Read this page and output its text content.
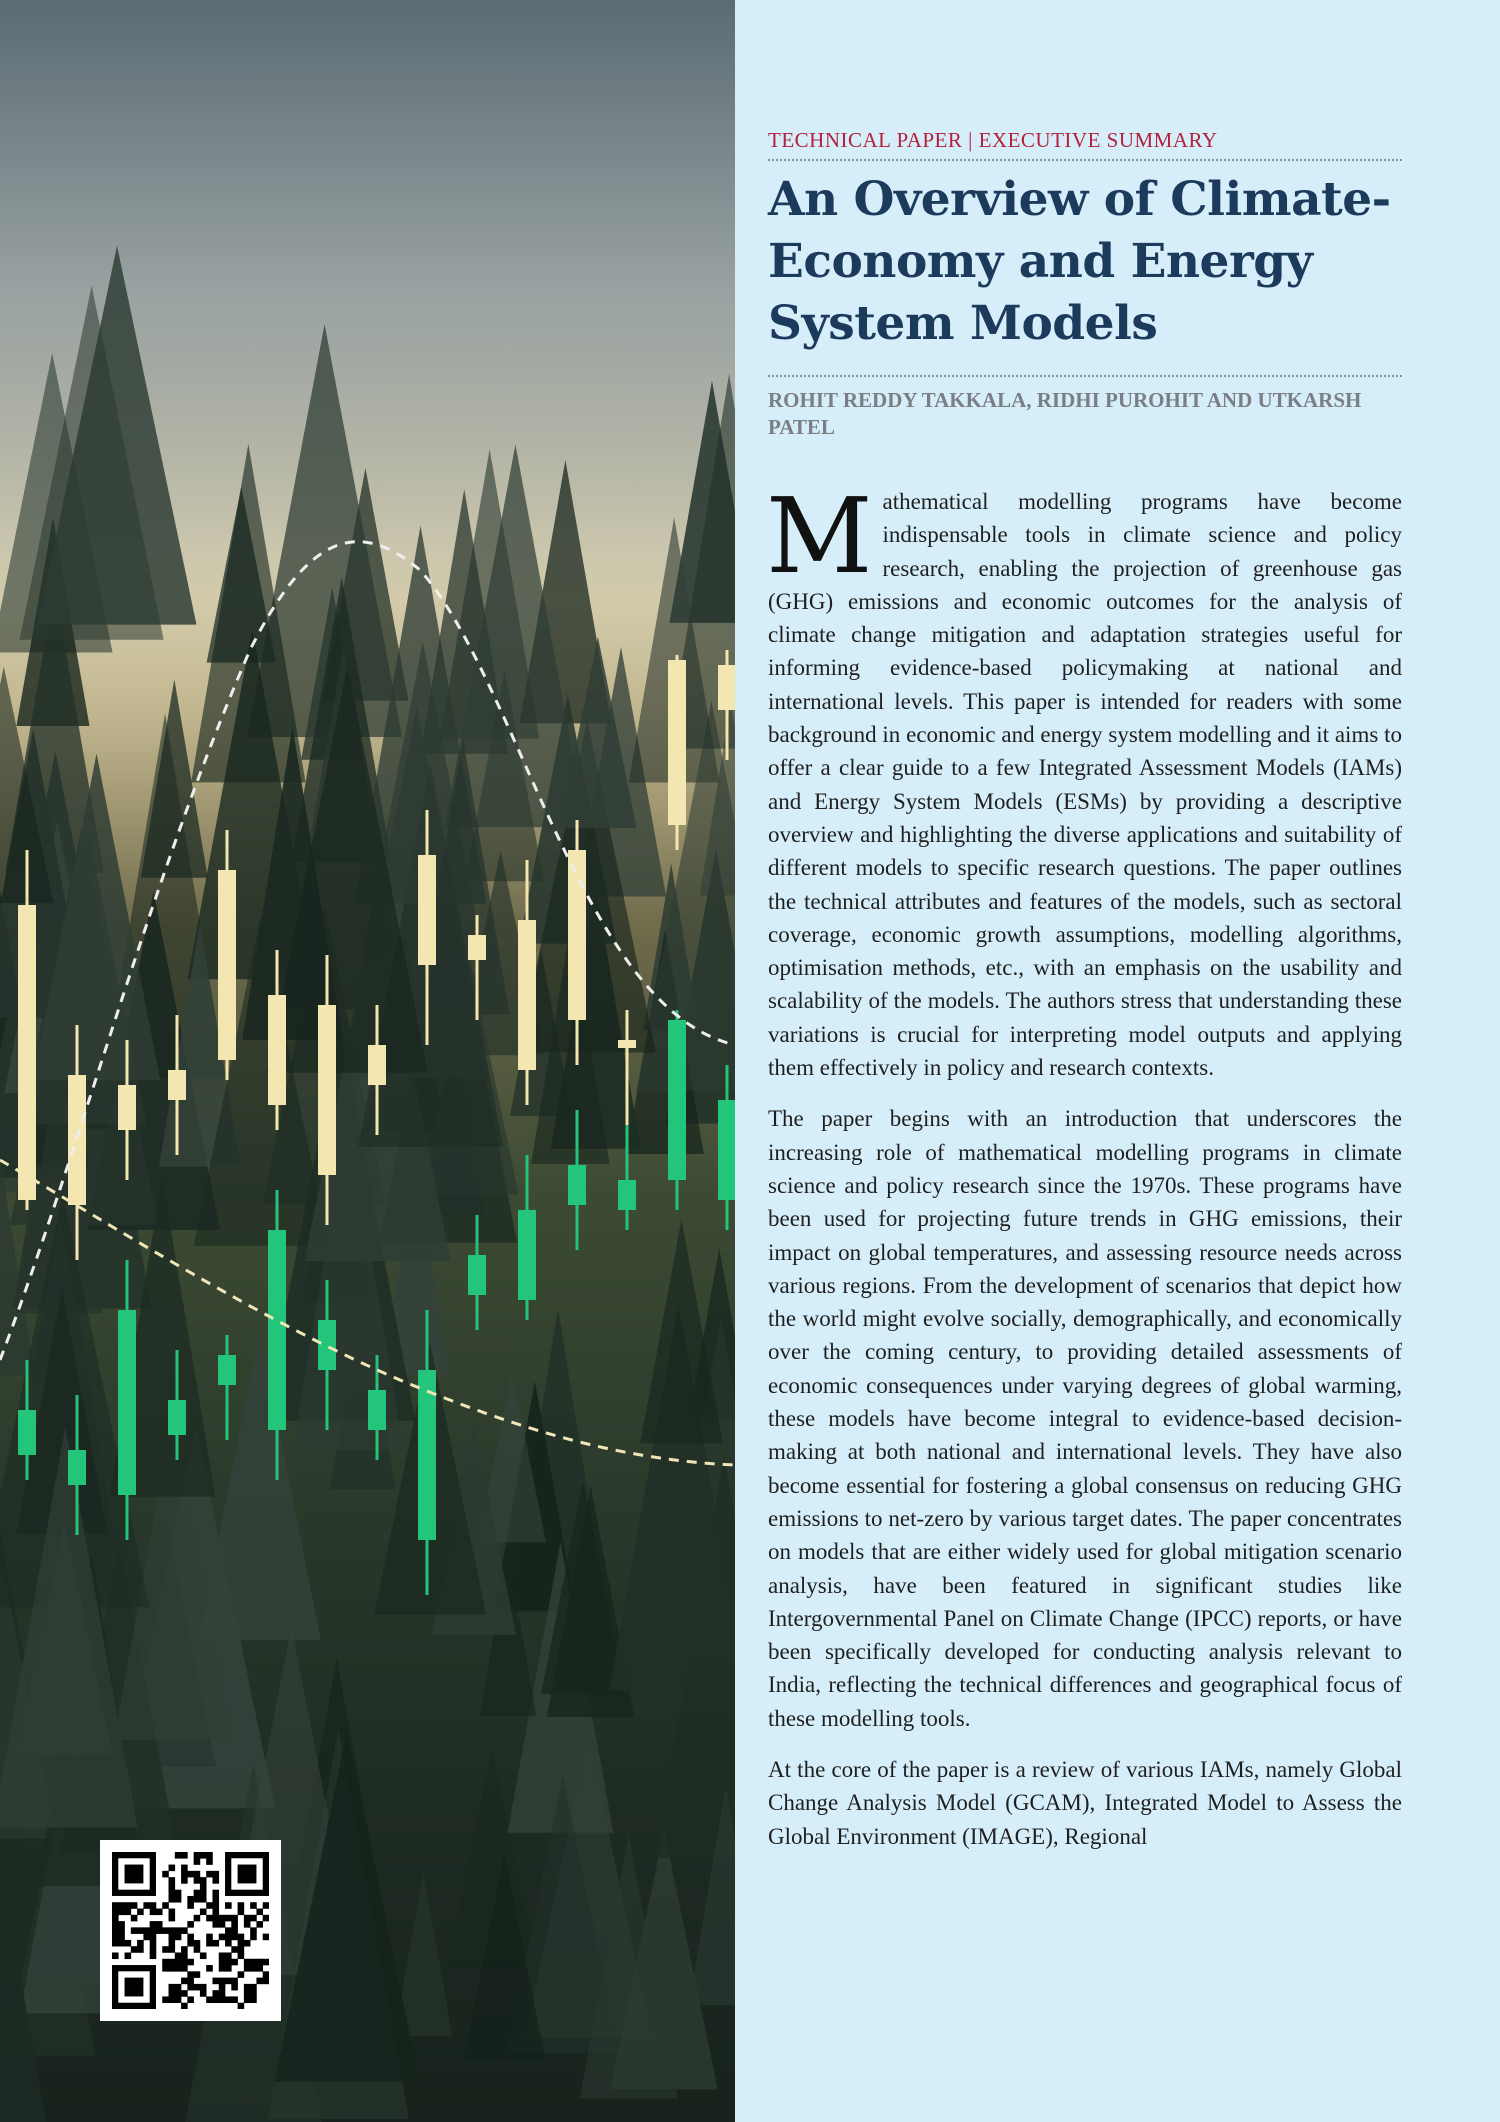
TECHNICAL PAPER | EXECUTIVE SUMMARY
An Overview of Climate-Economy and Energy System Models
ROHIT REDDY TAKKALA, RIDHI PUROHIT AND UTKARSH PATEL

Mathematical modelling programs have become indispensable tools in climate science and policy research, enabling the projection of greenhouse gas (GHG) emissions and economic outcomes for the analysis of climate change mitigation and adaptation strategies useful for informing evidence-based policymaking at national and international levels. This paper is intended for readers with some background in economic and energy system modelling and it aims to offer a clear guide to a few Integrated Assessment Models (IAMs) and Energy System Models (ESMs) by providing a descriptive overview and highlighting the diverse applications and suitability of different models to specific research questions. The paper outlines the technical attributes and features of the models, such as sectoral coverage, economic growth assumptions, modelling algorithms, optimisation methods, etc., with an emphasis on the usability and scalability of the models. The authors stress that understanding these variations is crucial for interpreting model outputs and applying them effectively in policy and research contexts.

The paper begins with an introduction that underscores the increasing role of mathematical modelling programs in climate science and policy research since the 1970s. These programs have been used for projecting future trends in GHG emissions, their impact on global temperatures, and assessing resource needs across various regions. From the development of scenarios that depict how the world might evolve socially, demographically, and economically over the coming century, to providing detailed assessments of economic consequences under varying degrees of global warming, these models have become integral to evidence-based decision-making at both national and international levels. They have also become essential for fostering a global consensus on reducing GHG emissions to net-zero by various target dates. The paper concentrates on models that are either widely used for global mitigation scenario analysis, have been featured in significant studies like Intergovernmental Panel on Climate Change (IPCC) reports, or have been specifically developed for conducting analysis relevant to India, reflecting the technical differences and geographical focus of these modelling tools.

At the core of the paper is a review of various IAMs, namely Global Change Analysis Model (GCAM), Integrated Model to Assess the Global Environment (IMAGE), Regional
